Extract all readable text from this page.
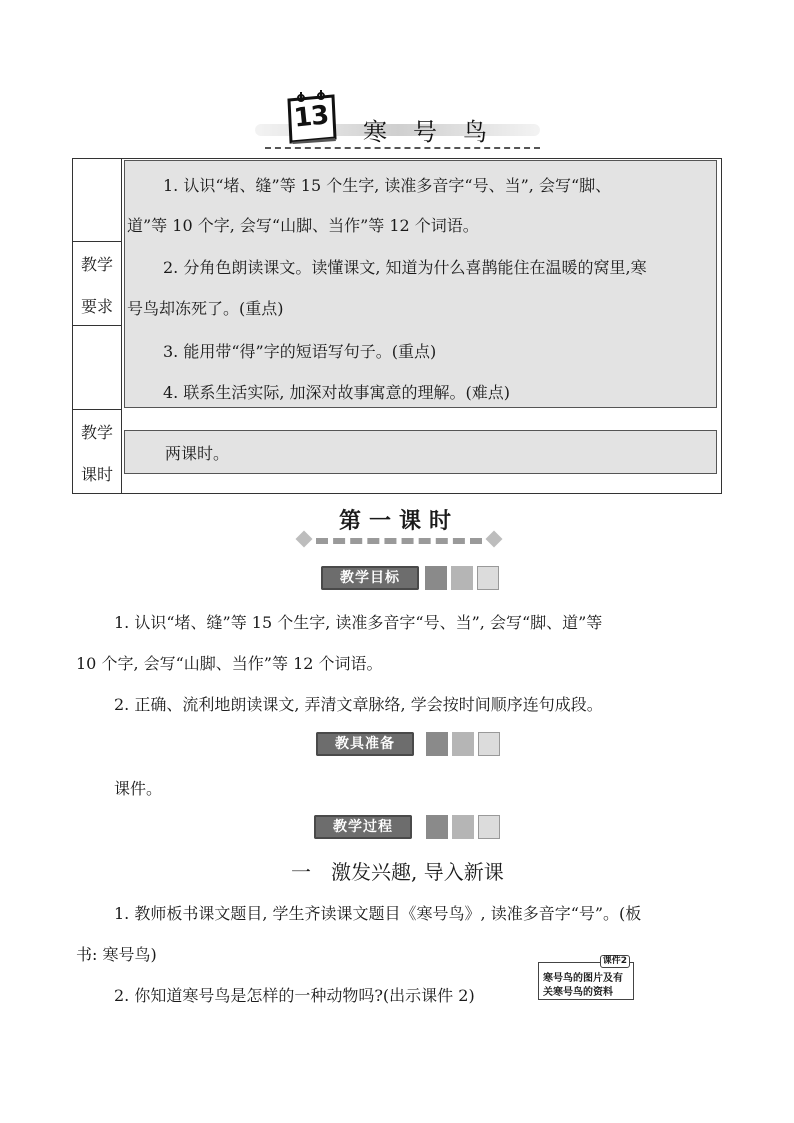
13	寒号鸟
教学
要求
教学
课时
1. 认识“堵、缝”等 15 个生字, 读准多音字“号、当”, 会写“脚、
道”等 10 个字, 会写“山脚、当作”等 12 个词语。
2. 分角色朗读课文。读懂课文, 知道为什么喜鹊能住在温暖的窝里,寒
号鸟却冻死了。(重点)
3. 能用带“得”字的短语写句子。(重点)
4. 联系生活实际, 加深对故事寓意的理解。(难点)
两课时。
第一课时
教学目标
1. 认识“堵、缝”等 15 个生字, 读准多音字“号、当”, 会写“脚、道”等
10 个字, 会写“山脚、当作”等 12 个词语。
2. 正确、流利地朗读课文, 弄清文章脉络, 学会按时间顺序连句成段。
教具准备
课件。
教学过程
一　激发兴趣, 导入新课
1. 教师板书课文题目, 学生齐读课文题目《寒号鸟》, 读准多音字“号”。(板
书: 寒号鸟)
2. 你知道寒号鸟是怎样的一种动物吗?(出示课件 2)
课件2
寒号鸟的图片及有
关寒号鸟的资料
